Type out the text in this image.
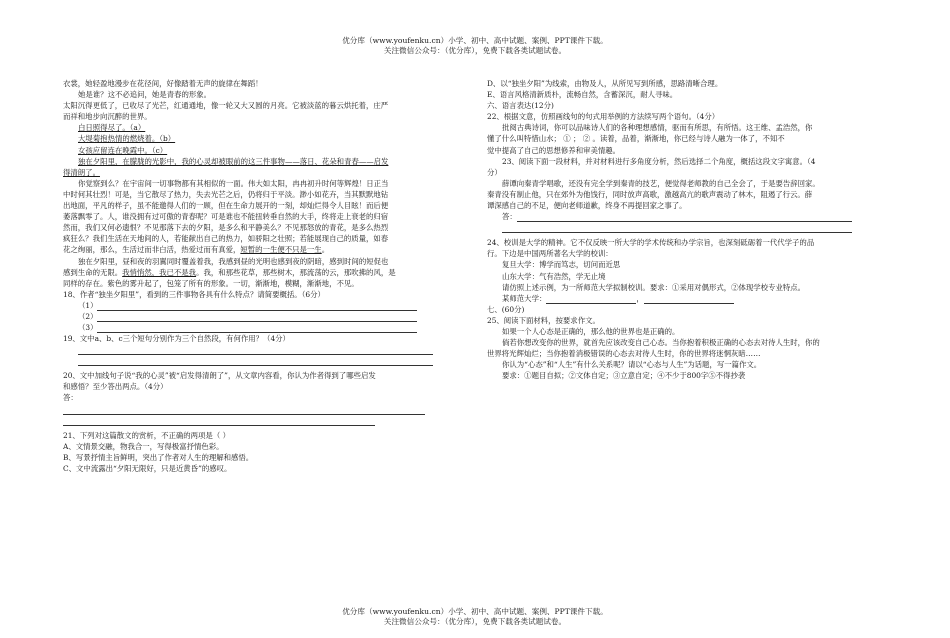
优分库（www.youfenku.cn）小学、初中、高中试题、案例、PPT课件下载。
关注微信公众号：（优分库），免费下载各类试题试卷。
衣裳，她轻盈地漫步在花径间，好像踏着无声的旋律在舞蹈！
她是谁？这不必追问，她是青春的形象。
太阳沉得更低了，已收尽了光芒，红通通地，像一轮又大又圆的月亮。它被淡蓝的暮云烘托着，庄严
而祥和地步向沉醉的世界。
白日照得尽了。（a）
大堤菊抱热情的燃烧着。（b）
女孩应留连在晚霞中。（c）
独在夕阳里，在朦胧的光影中，我的心灵却被眼前的这三件事物——落日、花朵和青春——启发
得清朗了。
你觉察到么？在宇宙间一切事物都有其相似的一面。伟大如太阳，冉冉初升时何等辉煌！日正当
中时何其壮烈！可是，当它散尽了热力，失去光芒之后，仍将归于平淡。渺小如花卉，当其默默地钻
出地面，平凡的样子，虽不能邀得人们的一顾，但在生命力展开的一刻，却灿烂得令人目眩！而后便
萎落飘零了。人，谁没拥有过可傲的青春呢？可是谁也不能扭转垂自然的大手，终将走上衰老的归宿
然而，我们又何必遗恨？不见那落下去的夕阳，是多么和平静美么？不见那怒放的青花，是多么热烈
疯狂么？我们生活在天地间的人，若能献出自己的热力，如骄阳之壮照；若能展现自己的质量，如春
花之绚丽，那么，生活过而非白活，热爱过而有真爱，短暂的一生便不只是一生。
独在夕阳里，昼和夜的羽翼同时覆盖着我，我感到昼的光明也感到夜的阴暗，感到时间的短促也
感到生命的无限。我悄悄然，我已不是我。我，和那些花草，那些树木，那流荡的云，那吹拂的风，是
同样的存在。紫色的雾升起了，包笼了所有的形象。一切，渐渐地，模糊，渐渐地，不见。
18、作者“独坐夕阳里”，看到的三件事物各具有什么特点？请简要概括。（6分）
（1）
（2）
（3）
19、文中a、b、c三个短句分别作为三个自然段，有何作用？（4分）
20、文中加线句子说“我的心灵”被“启发得清朗了”，从文章内容看，你认为作者得到了哪些启发
和感悟？至少答出两点。（4分）
答：
21、下列对这篇散文的赏析，不正确的两项是（ ）
A、文情景交融，物我合一，写得极富抒情色彩。
B、写景抒情主旨鲜明，突出了作者对人生的理解和感悟。
C、文中流露出“夕阳无限好，只是近黄昏”的感叹。
D、以“独坐夕阳”为线索，由物及人，从所见写到所感，思路清晰合理。
E、语言风格清新质朴，流畅自然，含蓄深沉，耐人寻味。
六、语言表达(12分)
22、根据文意，仿照画线句的句式用举例的方法续写两个语句。（4分）
批阅古典诗词，你可以品味诗人们的各种理想感情，驱而有所思，有所悟。这王维、孟浩然，你
懂了什么叫特惜山水； ① ； ② 。读着，品着，渐渐地，你已经与诗人融为一体了，不知不
觉中提高了自己的思想修养和审美情趣。
23、阅读下面一段材料，并对材料进行多角度分析，然后选择二个角度，概括这段文字寓意。（4
分）
薛谭向秦青学唱歌，还没有完全学到秦青的技艺，便觉得老师教的自己全会了，于是要告辞回家。
秦青没有制止他，只在郊外为他饯行，同时放声高歌，激越高亢的歌声震动了林木，阻遏了行云。薛
谭深感自己的不足，便向老师道歉，终身不再提回家之事了。
答：
24、校训是大学的精神。它不仅反映一所大学的学术传统和办学宗旨，也深刻砥砺着一代代学子的品
行。下边是中国两所著名大学的校训：
复旦大学：博学而笃志，切问而近思
山东大学：气有浩然，学无止境
请仿照上述示例，为一所师范大学拟制校训。要求：①采用对偶形式，②体现学校专业特点。
某师范大学：	，
七、(60分)
25、阅读下面材料，按要求作文。
如果一个人心态是正确的，那么他的世界也是正确的。
倘若你想改变你的世界，就首先应该改变自己心态。当你抱着积极正确的心态去对待人生时，你的
世界将光辉灿烂；当你抱着消极错误的心态去对待人生时，你的世界将迷惘灰暗……
你认为“心态”和“人生”有什么关系呢？请以“心态与人生”为话题，写一篇作文。
要求：①题目自拟；②文体自定；③立意自定；④不少于800字⑤不得抄袭
优分库（www.youfenku.cn）小学、初中、高中试题、案例、PPT课件下载。
关注微信公众号：（优分库），免费下载各类试题试卷。
